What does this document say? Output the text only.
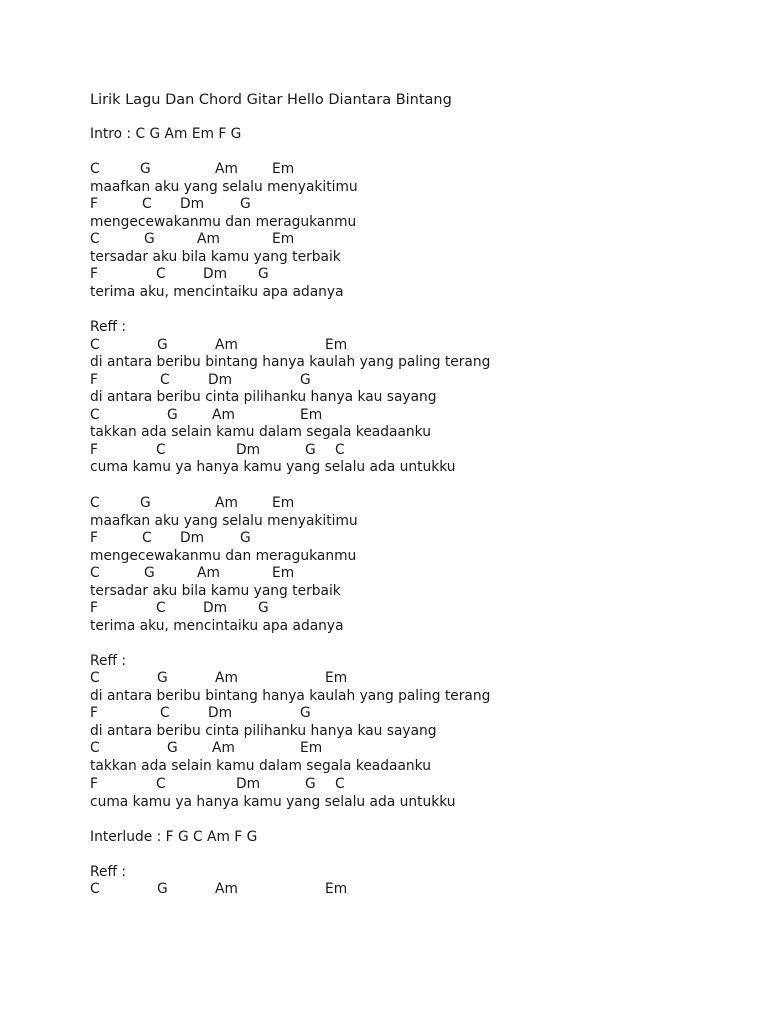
Lirik Lagu Dan Chord Gitar Hello Diantara Bintang
Intro : C G Am Em F G
C	G	Am Em
maafkan aku yang selalu menyakitimu
F	C Dm	G
mengecewakanmu dan meragukanmu
C	G	Am	Em
tersadar aku bila kamu yang terbaik
F	C	Dm G
terima aku, mencintaiku apa adanya
Reff :
C	G	Am	Em
di antara beribu bintang hanya kaulah yang paling terang
F	C	Dm	G
di antara beribu cinta pilihanku hanya kau sayang
C	G Am	Em
takkan ada selain kamu dalam segala keadaanku
F	C	Dm	G C
cuma kamu ya hanya kamu yang selalu ada untukku
C	G	Am Em
maafkan aku yang selalu menyakitimu
F	C Dm	G
mengecewakanmu dan meragukanmu
C	G	Am	Em
tersadar aku bila kamu yang terbaik
F	C	Dm G
terima aku, mencintaiku apa adanya
Reff :
C	G	Am	Em
di antara beribu bintang hanya kaulah yang paling terang
F	C	Dm	G
di antara beribu cinta pilihanku hanya kau sayang
C	G Am	Em
takkan ada selain kamu dalam segala keadaanku
F	C	Dm	G C
cuma kamu ya hanya kamu yang selalu ada untukku
Interlude : F G C Am F G
Reff :
C	G	Am	Em
